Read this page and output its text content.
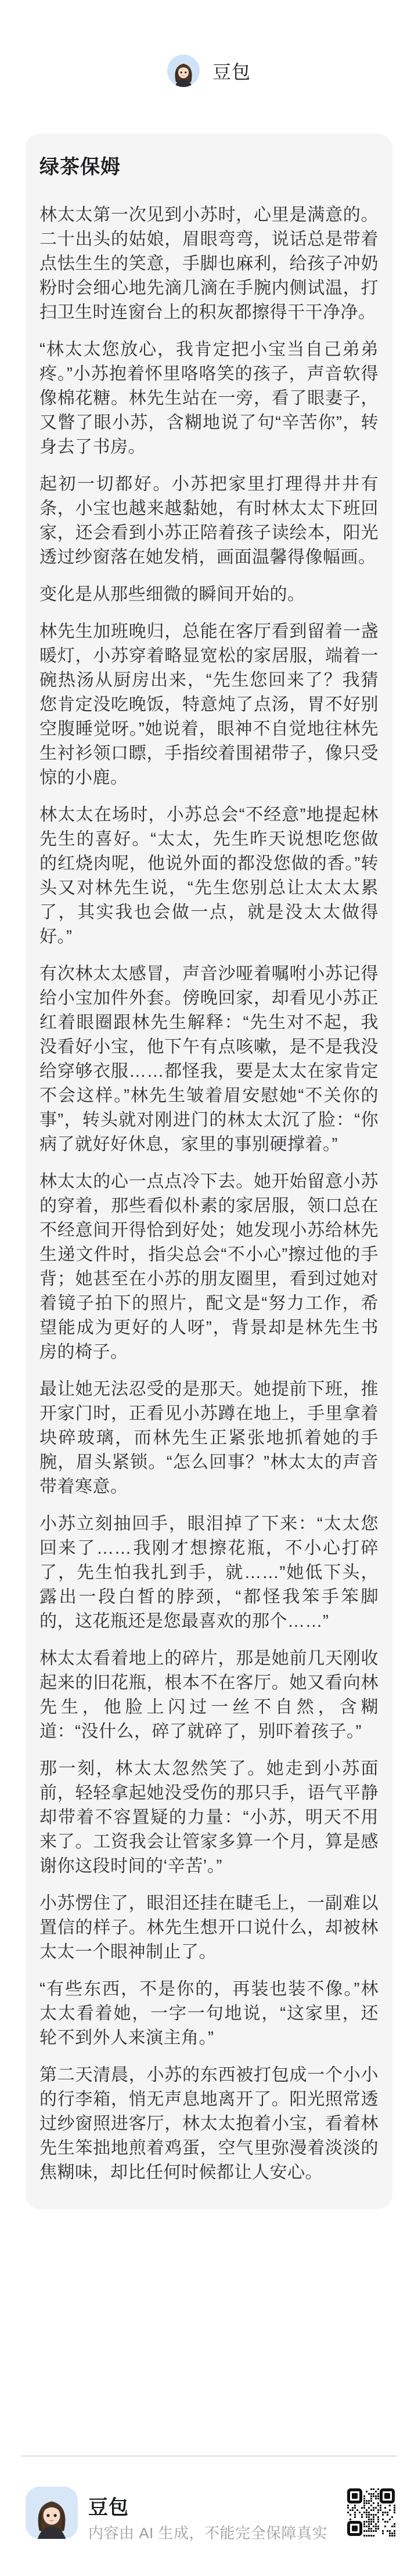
豆包
绿茶保姆

林太太第一次见到小苏时，心里是满意的。二十出头的姑娘，眉眼弯弯，说话总是带着点怯生生的笑意，手脚也麻利，给孩子冲奶粉时会细心地先滴几滴在手腕内侧试温，打扫卫生时连窗台上的积灰都擦得干干净净。

“林太太您放心，我肯定把小宝当自己弟弟疼。”小苏抱着怀里咯咯笑的孩子，声音软得像棉花糖。林先生站在一旁，看了眼妻子，又瞥了眼小苏，含糊地说了句“辛苦你”，转身去了书房。

起初一切都好。小苏把家里打理得井井有条，小宝也越来越黏她，有时林太太下班回家，还会看到小苏正陪着孩子读绘本，阳光透过纱窗落在她发梢，画面温馨得像幅画。

变化是从那些细微的瞬间开始的。

林先生加班晚归，总能在客厅看到留着一盏暖灯，小苏穿着略显宽松的家居服，端着一碗热汤从厨房出来，“先生您回来了？我猜您肯定没吃晚饭，特意炖了点汤，胃不好别空腹睡觉呀。”她说着，眼神不自觉地往林先生衬衫领口瞟，手指绞着围裙带子，像只受惊的小鹿。

林太太在场时，小苏总会“不经意”地提起林先生的喜好。“太太，先生昨天说想吃您做的红烧肉呢，他说外面的都没您做的香。”转头又对林先生说，“先生您别总让太太太累了，其实我也会做一点，就是没太太做得好。”

有次林太太感冒，声音沙哑着嘱咐小苏记得给小宝加件外套。傍晚回家，却看见小苏正红着眼圈跟林先生解释：“先生对不起，我没看好小宝，他下午有点咳嗽，是不是我没给穿够衣服……都怪我，要是太太在家肯定不会这样。”林先生皱着眉安慰她“不关你的事”，转头就对刚进门的林太太沉了脸：“你病了就好好休息，家里的事别硬撑着。”

林太太的心一点点冷下去。她开始留意小苏的穿着，那些看似朴素的家居服，领口总在不经意间开得恰到好处；她发现小苏给林先生递文件时，指尖总会“不小心”擦过他的手背；她甚至在小苏的朋友圈里，看到过她对着镜子拍下的照片，配文是“努力工作，希望能成为更好的人呀”，背景却是林先生书房的椅子。

最让她无法忍受的是那天。她提前下班，推开家门时，正看见小苏蹲在地上，手里拿着块碎玻璃，而林先生正紧张地抓着她的手腕，眉头紧锁。“怎么回事？”林太太的声音带着寒意。

小苏立刻抽回手，眼泪掉了下来：“太太您回来了……我刚才想擦花瓶，不小心打碎了，先生怕我扎到手，就……”她低下头，露出一段白皙的脖颈，“都怪我笨手笨脚的，这花瓶还是您最喜欢的那个……”

林太太看着地上的碎片，那是她前几天刚收起来的旧花瓶，根本不在客厅。她又看向林先生，他脸上闪过一丝不自然，含糊道：“没什么，碎了就碎了，别吓着孩子。”

那一刻，林太太忽然笑了。她走到小苏面前，轻轻拿起她没受伤的那只手，语气平静却带着不容置疑的力量：“小苏，明天不用来了。工资我会让管家多算一个月，算是感谢你这段时间的‘辛苦’。”

小苏愣住了，眼泪还挂在睫毛上，一副难以置信的样子。林先生想开口说什么，却被林太太一个眼神制止了。

“有些东西，不是你的，再装也装不像。”林太太看着她，一字一句地说，“这家里，还轮不到外人来演主角。”

第二天清晨，小苏的东西被打包成一个小小的行李箱，悄无声息地离开了。阳光照常透过纱窗照进客厅，林太太抱着小宝，看着林先生笨拙地煎着鸡蛋，空气里弥漫着淡淡的焦糊味，却比任何时候都让人安心。

豆包
内容由 AI 生成，不能完全保障真实
